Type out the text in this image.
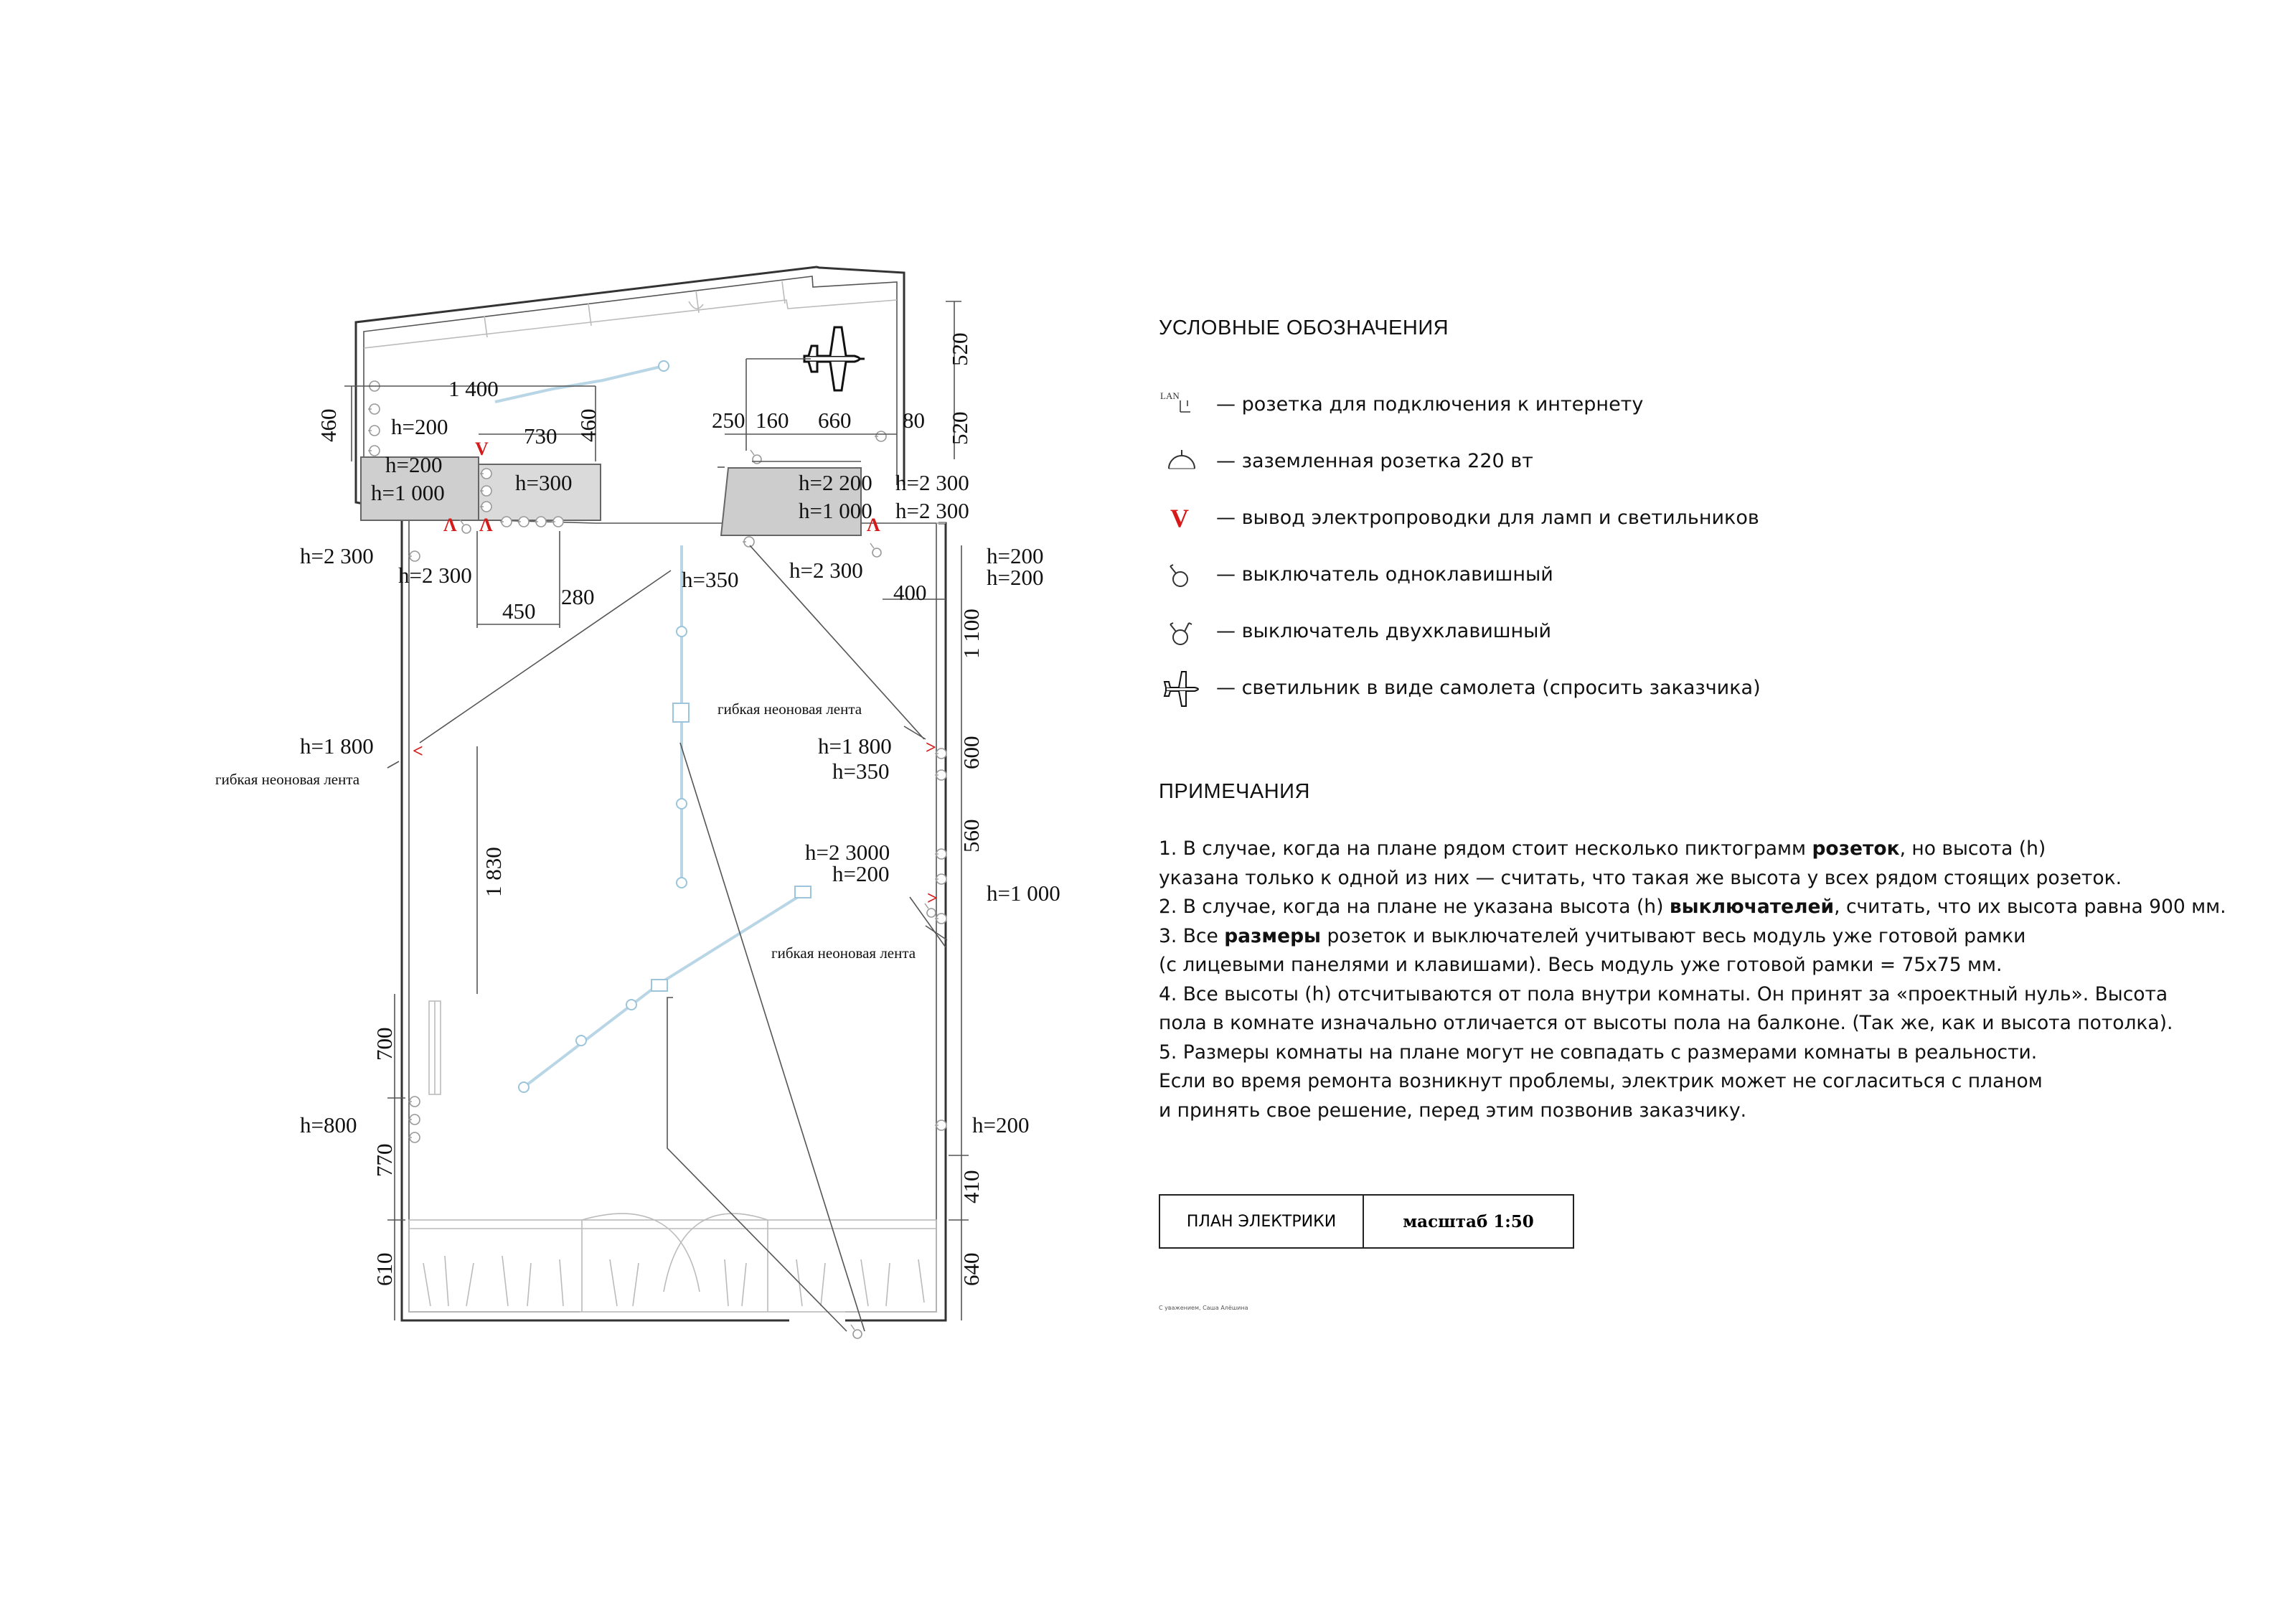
V
Λ Λ	Λ
<	>
>
1 400
460	460
730
250 160 660 80
520
520
450
280	400
1 100
600
560
1 830
700
770
610	640
410
h=200
h=200
h=1 000	h=300	h=2 200 h=2 300
h=1 000 h=2 300
h=2 300
h=2 300	h=350 h=2 300
h=200
h=200
h=1 800	h=1 800
h=350
h=2 3000
h=200
h=1 000
h=800	h=200
гибкая неоновая лента
гибкая неоновая лента
гибкая неоновая лента
УСЛОВНЫЕ ОБОЗНАЧЕНИЯ
LAN — розетка для подключения к интернету
— заземленная розетка 220 вт
V — вывод электропроводки для ламп и светильников
— выключатель одноклавишный
— выключатель двухклавишный
— светильник в виде самолета (спросить заказчика)
ПРИМЕЧАНИЯ
1. В случае, когда на плане рядом стоит несколько пиктограмм розеток, но высота (h)
указана только к одной из них — считать, что такая же высота у всех рядом стоящих розеток.
2. В случае, когда на плане не указана высота (h) выключателей, считать, что их высота равна 900 мм.
3. Все размеры розеток и выключателей учитывают весь модуль уже готовой рамки
(с лицевыми панелями и клавишами). Весь модуль уже готовой рамки = 75х75 мм.
4. Все высоты (h) отсчитываются от пола внутри комнаты. Он принят за «проектный нуль». Высота
пола в комнате изначально отличается от высоты пола на балконе. (Так же, как и высота потолка).
5. Размеры комнаты на плане могут не совпадать с размерами комнаты в реальности.
Если во время ремонта возникнут проблемы, электрик может не согласиться с планом
и принять свое решение, перед этим позвонив заказчику.
ПЛАН ЭЛЕКТРИКИ	масштаб 1:50
С уважением, Саша Алёшина
